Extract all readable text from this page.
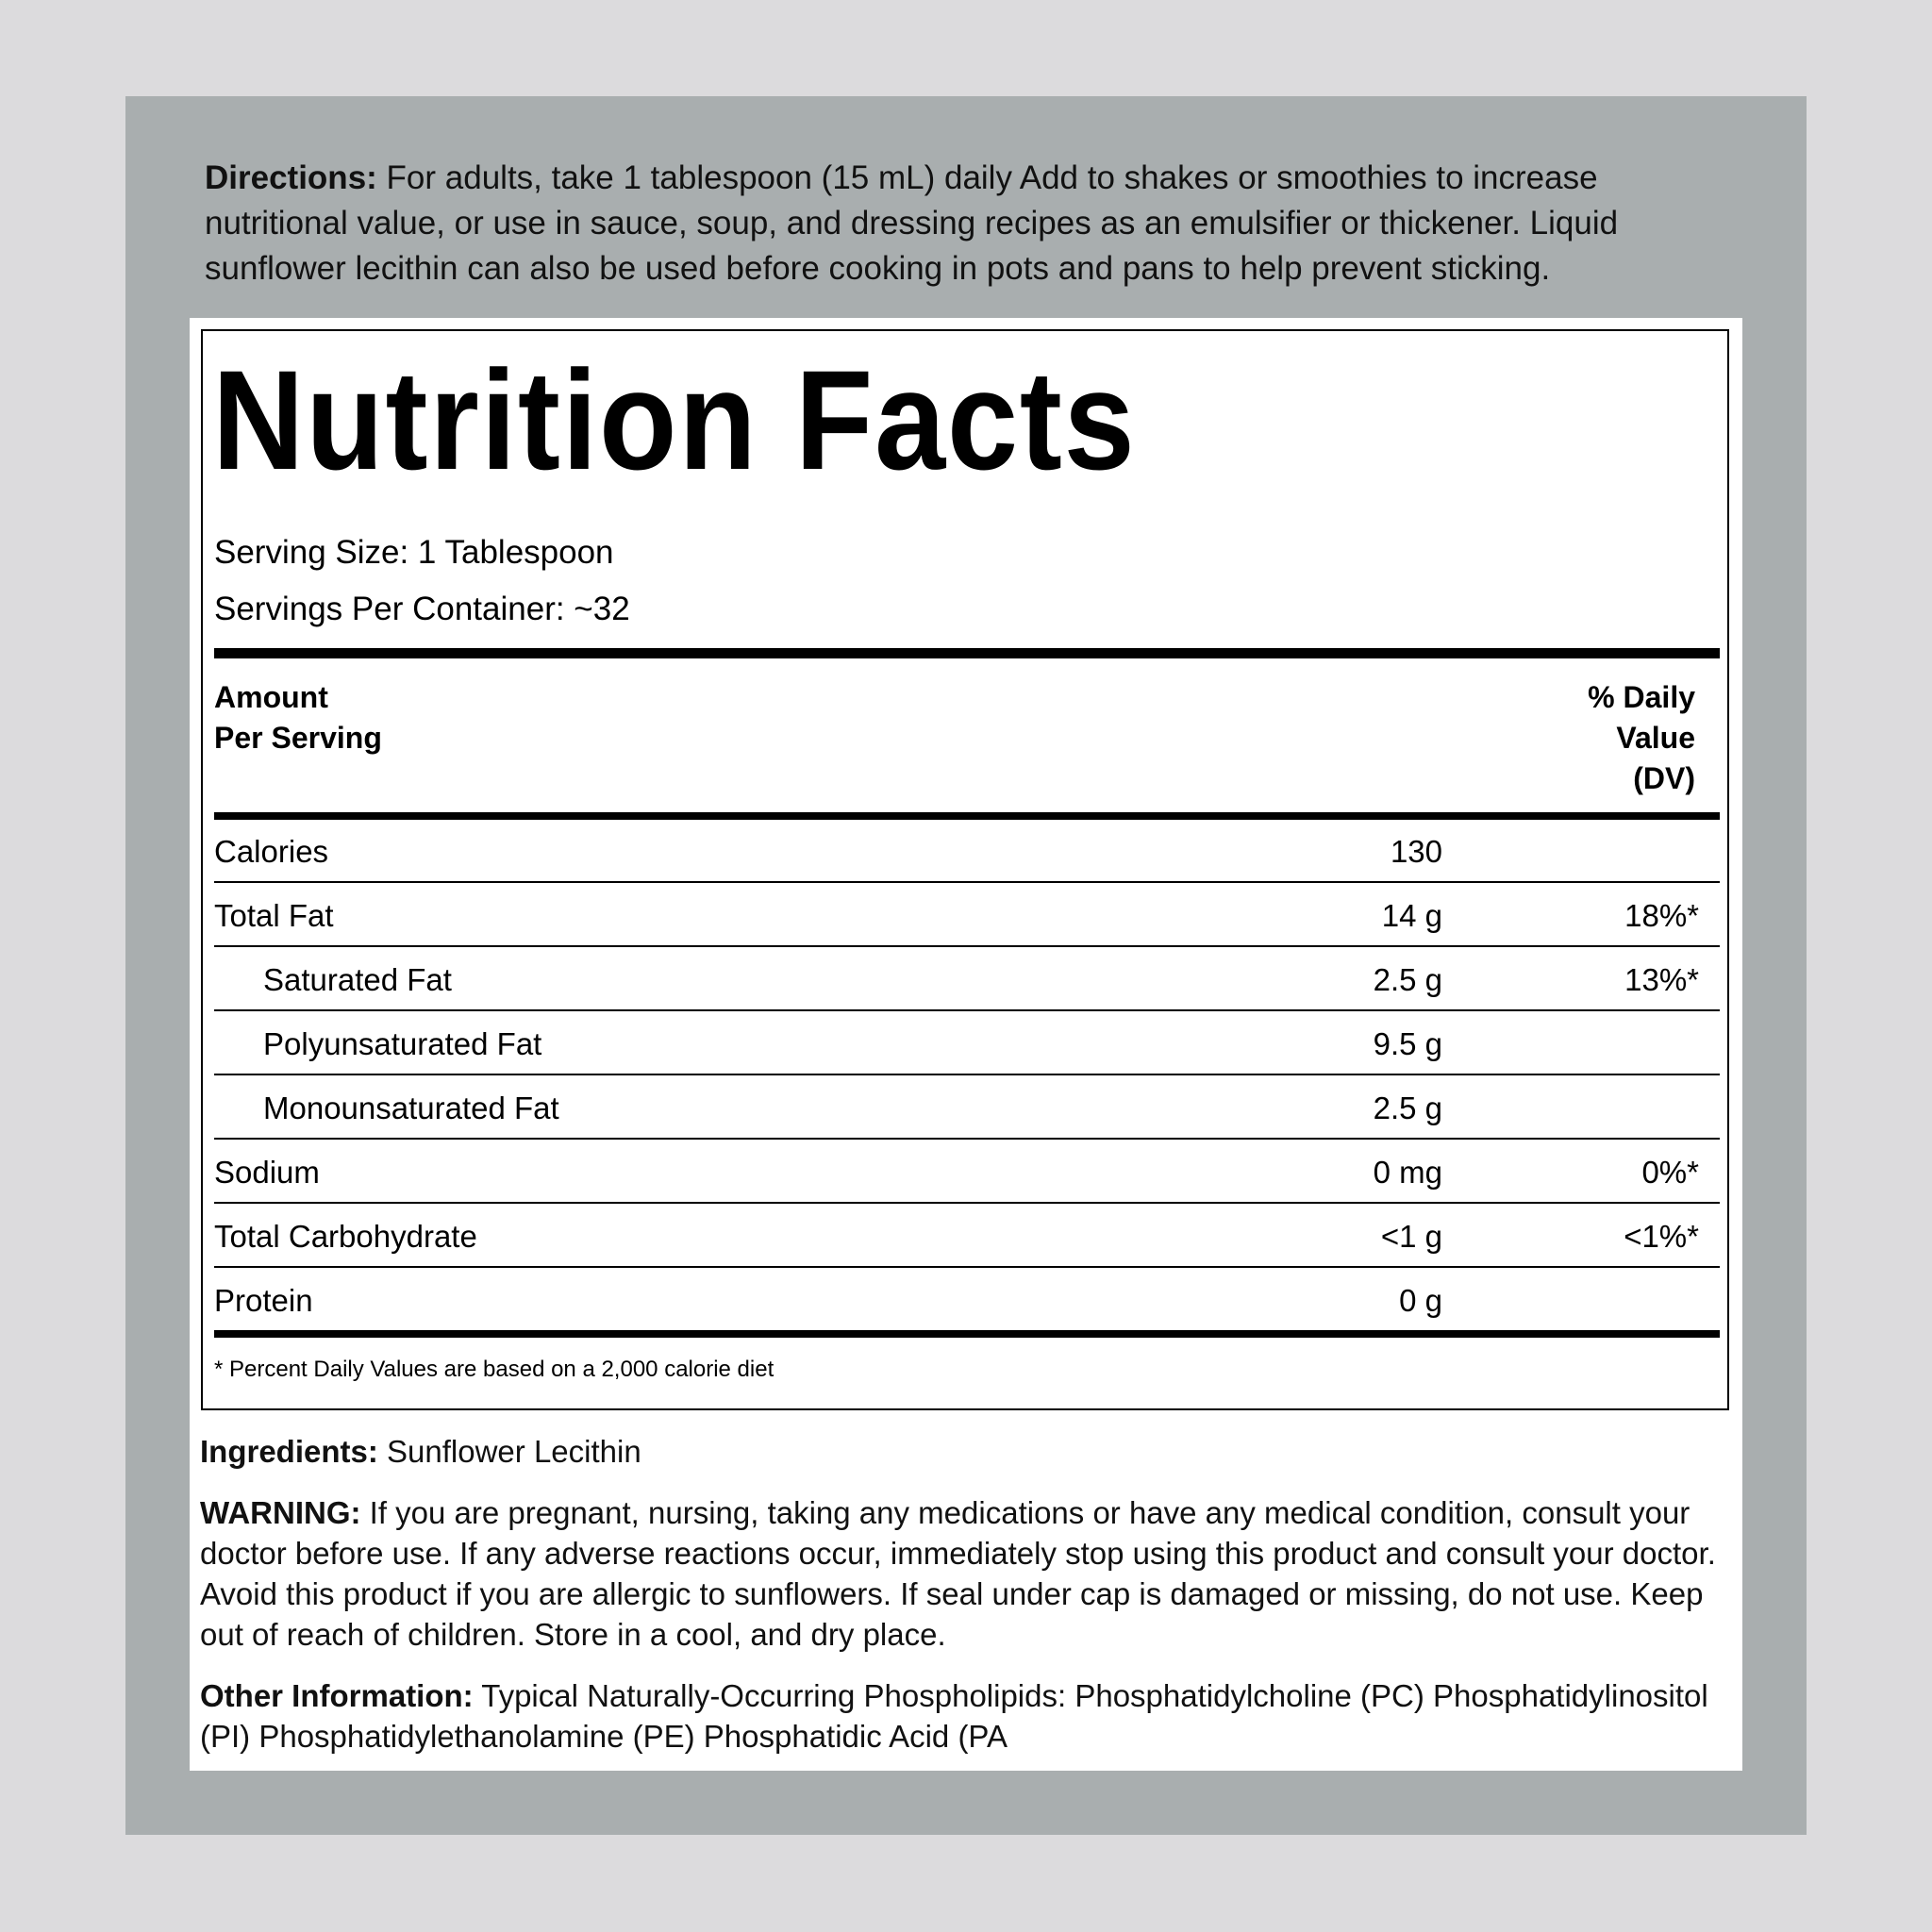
Directions: For adults, take 1 tablespoon (15 mL) daily Add to shakes or smoothies to increase nutritional value, or use in sauce, soup, and dressing recipes as an emulsifier or thickener. Liquid sunflower lecithin can also be used before cooking in pots and pans to help prevent sticking.
Nutrition Facts
Serving Size: 1 Tablespoon
Servings Per Container: ~32
Amount
Per Serving
% Daily
Value
(DV)
Calories	130
Total Fat	14 g	18%*
Saturated Fat	2.5 g	13%*
Polyunsaturated Fat	9.5 g
Monounsaturated Fat	2.5 g
Sodium	0 mg	0%*
Total Carbohydrate	<1 g	<1%*
Protein	0 g
* Percent Daily Values are based on a 2,000 calorie diet
Ingredients: Sunflower Lecithin
WARNING: If you are pregnant, nursing, taking any medications or have any medical condition, consult your doctor before use. If any adverse reactions occur, immediately stop using this product and consult your doctor. Avoid this product if you are allergic to sunflowers. If seal under cap is damaged or missing, do not use. Keep out of reach of children. Store in a cool, and dry place.
Other Information: Typical Naturally-Occurring Phospholipids: Phosphatidylcholine (PC) Phosphatidylinositol (PI) Phosphatidylethanolamine (PE) Phosphatidic Acid (PA
